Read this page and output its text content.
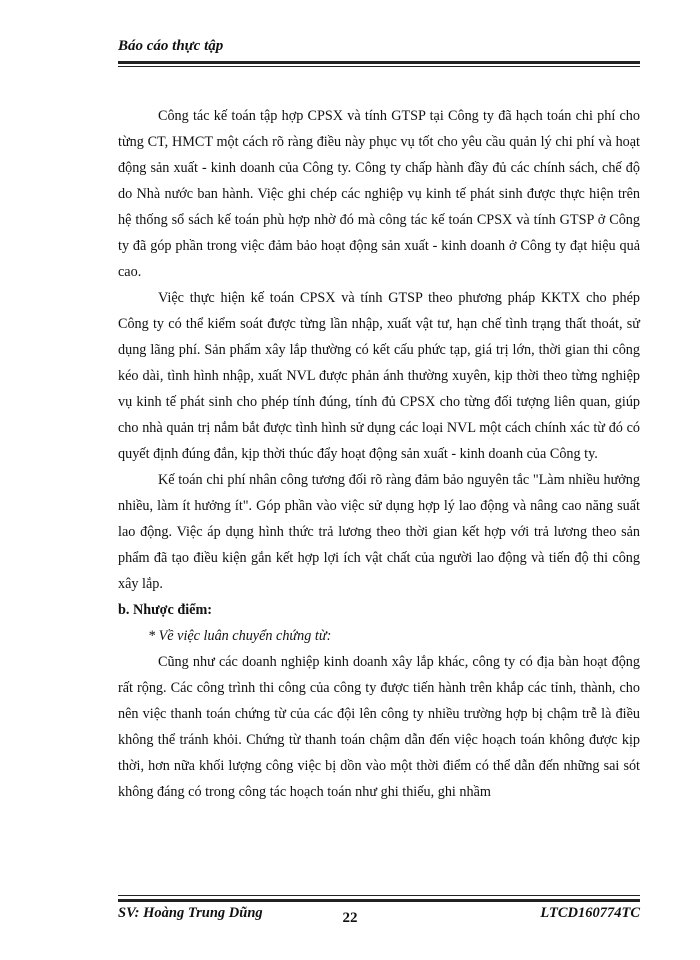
Báo cáo thực tập

Công tác kế toán tập hợp CPSX và tính GTSP tại Công ty đã hạch toán chi phí cho từng CT, HMCT một cách rõ ràng điều này phục vụ tốt cho yêu cầu quản lý chi phí và hoạt động sản xuất - kinh doanh của Công ty. Công ty chấp hành đầy đủ các chính sách, chế độ do Nhà nước ban hành. Việc ghi chép các nghiệp vụ kinh tế phát sinh được thực hiện trên hệ thống sổ sách kế toán phù hợp nhờ đó mà công tác kế toán CPSX và tính GTSP ở Công ty đã góp phần trong việc đảm bảo hoạt động sản xuất - kinh doanh ở Công ty đạt hiệu quả cao.

Việc thực hiện kế toán CPSX và tính GTSP theo phương pháp KKTX cho phép Công ty có thể kiểm soát được từng lần nhập, xuất vật tư, hạn chế tình trạng thất thoát, sử dụng lãng phí. Sản phẩm xây lắp thường có kết cấu phức tạp, giá trị lớn, thời gian thi công kéo dài, tình hình nhập, xuất NVL được phản ánh thường xuyên, kịp thời theo từng nghiệp vụ kinh tế phát sinh cho phép tính đúng, tính đủ CPSX cho từng đối tượng liên quan, giúp cho nhà quản trị nắm bắt được tình hình sử dụng các loại NVL một cách chính xác từ đó có quyết định đúng đắn, kịp thời thúc đẩy hoạt động sản xuất - kinh doanh của Công ty.

Kế toán chi phí nhân công tương đối rõ ràng đảm bảo nguyên tắc "Làm nhiều hưởng nhiều, làm ít hưởng ít". Góp phần vào việc sử dụng hợp lý lao động và nâng cao năng suất lao động. Việc áp dụng hình thức trả lương theo thời gian kết hợp với trả lương theo sản phẩm đã tạo điều kiện gắn kết hợp lợi ích vật chất của người lao động và tiến độ thi công xây lắp.

b. Nhược điểm:

* Về việc luân chuyển chứng từ:

Cũng như các doanh nghiệp kinh doanh xây lắp khác, công ty có địa bàn hoạt động rất rộng. Các công trình thi công của công ty được tiến hành trên khắp các tỉnh, thành, cho nên việc thanh toán chứng từ của các đội lên công ty nhiều trường hợp bị chậm trễ là điều không thể tránh khỏi. Chứng từ thanh toán chậm dẫn đến việc hoạch toán không được kịp thời, hơn nữa khối lượng công việc bị dồn vào một thời điểm có thể dẫn đến những sai sót không đáng có trong công tác hoạch toán như ghi thiếu, ghi nhầm

SV: Hoàng Trung Dũng	22	LTCD160774TC
